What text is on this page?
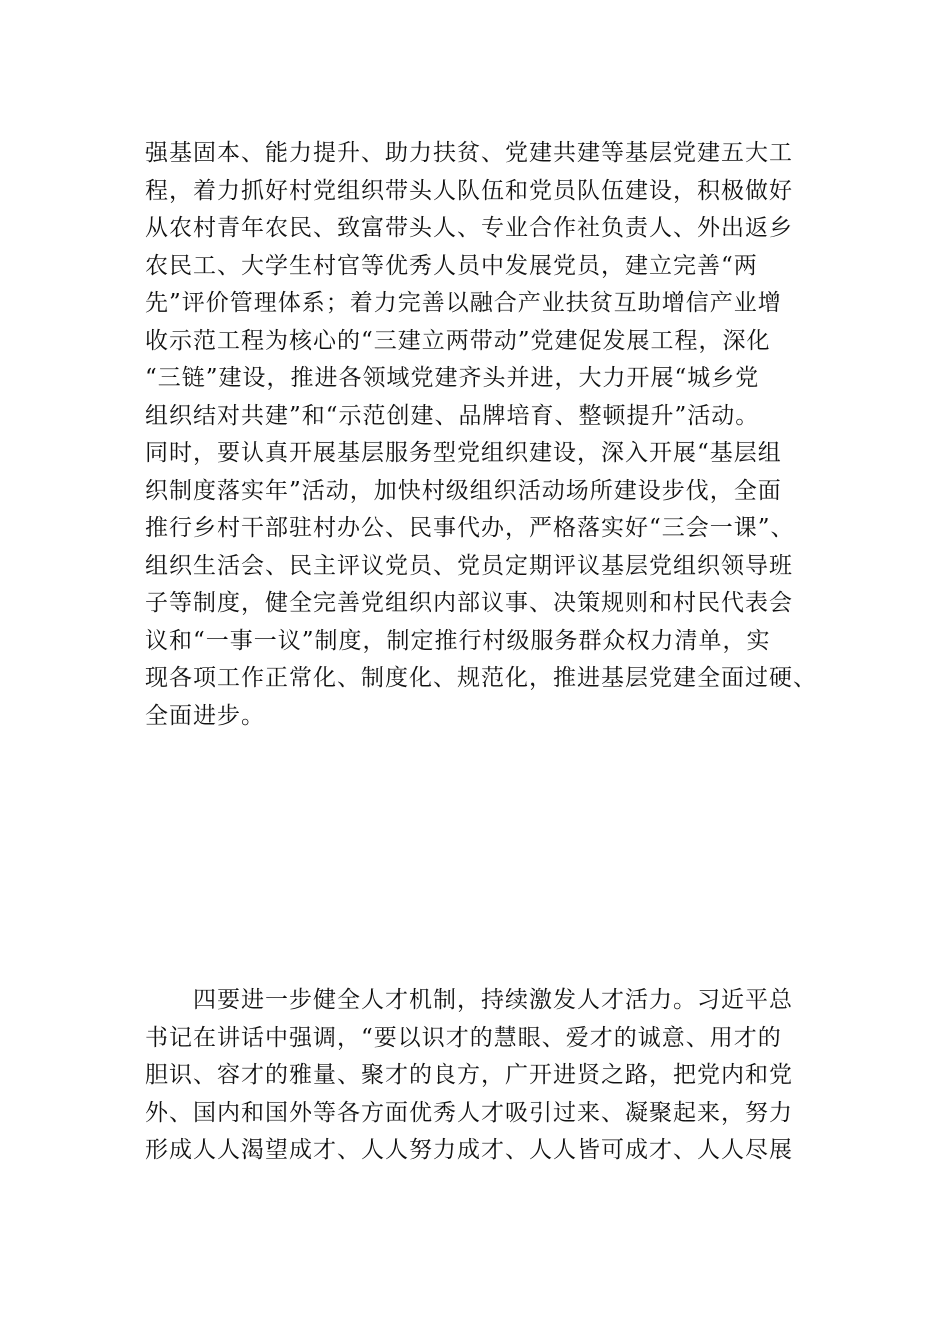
强基固本、能力提升、助力扶贫、党建共建等基层党建五大工
程，着力抓好村党组织带头人队伍和党员队伍建设，积极做好
从农村青年农民、致富带头人、专业合作社负责人、外出返乡
农民工、大学生村官等优秀人员中发展党员，建立完善“两
先”评价管理体系；着力完善以融合产业扶贫互助增信产业增
收示范工程为核心的“三建立两带动”党建促发展工程，深化
“三链”建设，推进各领域党建齐头并进，大力开展“城乡党
组织结对共建”和“示范创建、品牌培育、整顿提升”活动。
同时，要认真开展基层服务型党组织建设，深入开展“基层组
织制度落实年”活动，加快村级组织活动场所建设步伐，全面
推行乡村干部驻村办公、民事代办，严格落实好“三会一课”、
组织生活会、民主评议党员、党员定期评议基层党组织领导班
子等制度，健全完善党组织内部议事、决策规则和村民代表会
议和“一事一议”制度，制定推行村级服务群众权力清单，实
现各项工作正常化、制度化、规范化，推进基层党建全面过硬、
全面进步。
四要进一步健全人才机制，持续激发人才活力。习近平总
书记在讲话中强调，“要以识才的慧眼、爱才的诚意、用才的
胆识、容才的雅量、聚才的良方，广开进贤之路，把党内和党
外、国内和国外等各方面优秀人才吸引过来、凝聚起来，努力
形成人人渴望成才、人人努力成才、人人皆可成才、人人尽展
